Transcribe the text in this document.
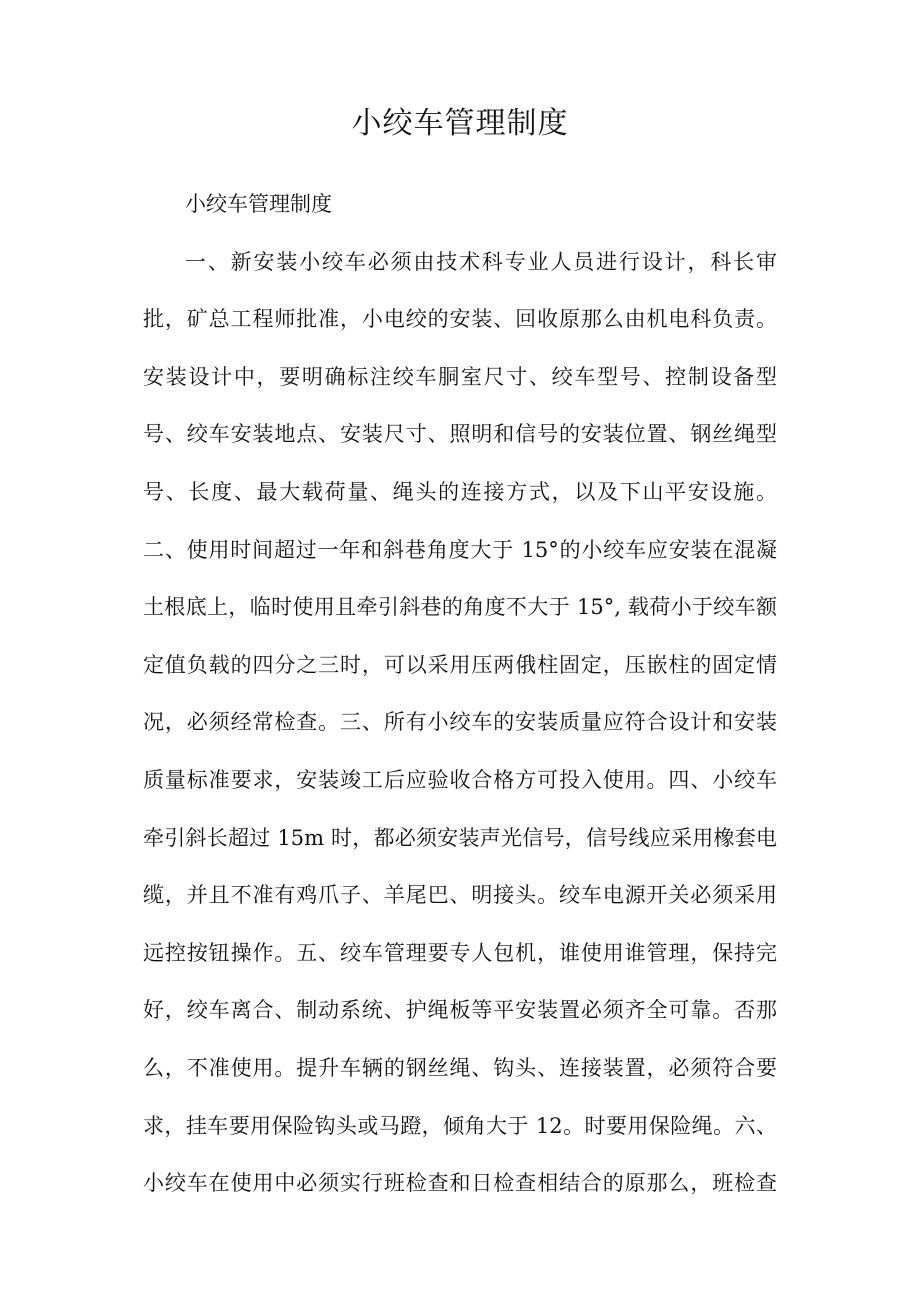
小绞车管理制度

小绞车管理制度

一、新安装小绞车必须由技术科专业人员进行设计，科长审
批，矿总工程师批准，小电绞的安装、回收原那么由机电科负责。
安装设计中，要明确标注绞车胴室尺寸、绞车型号、控制设备型
号、绞车安装地点、安装尺寸、照明和信号的安装位置、钢丝绳型
号、长度、最大载荷量、绳头的连接方式，以及下山平安设施。
二、使用时间超过一年和斜巷角度大于 15°的小绞车应安装在混凝
土根底上，临时使用且牵引斜巷的角度不大于 15°, 载荷小于绞车额
定值负载的四分之三时，可以采用压两俄柱固定，压嵌柱的固定情
况，必须经常检查。三、所有小绞车的安装质量应符合设计和安装
质量标准要求，安装竣工后应验收合格方可投入使用。四、小绞车
牵引斜长超过 15m 时，都必须安装声光信号，信号线应采用橡套电
缆，并且不准有鸡爪子、羊尾巴、明接头。绞车电源开关必须采用
远控按钮操作。五、绞车管理要专人包机，谁使用谁管理，保持完
好，绞车离合、制动系统、护绳板等平安装置必须齐全可靠。否那
么，不准使用。提升车辆的钢丝绳、钩头、连接装置，必须符合要
求，挂车要用保险钩头或马蹬，倾角大于 12。时要用保险绳。六、
小绞车在使用中必须实行班检查和日检查相结合的原那么，班检查
